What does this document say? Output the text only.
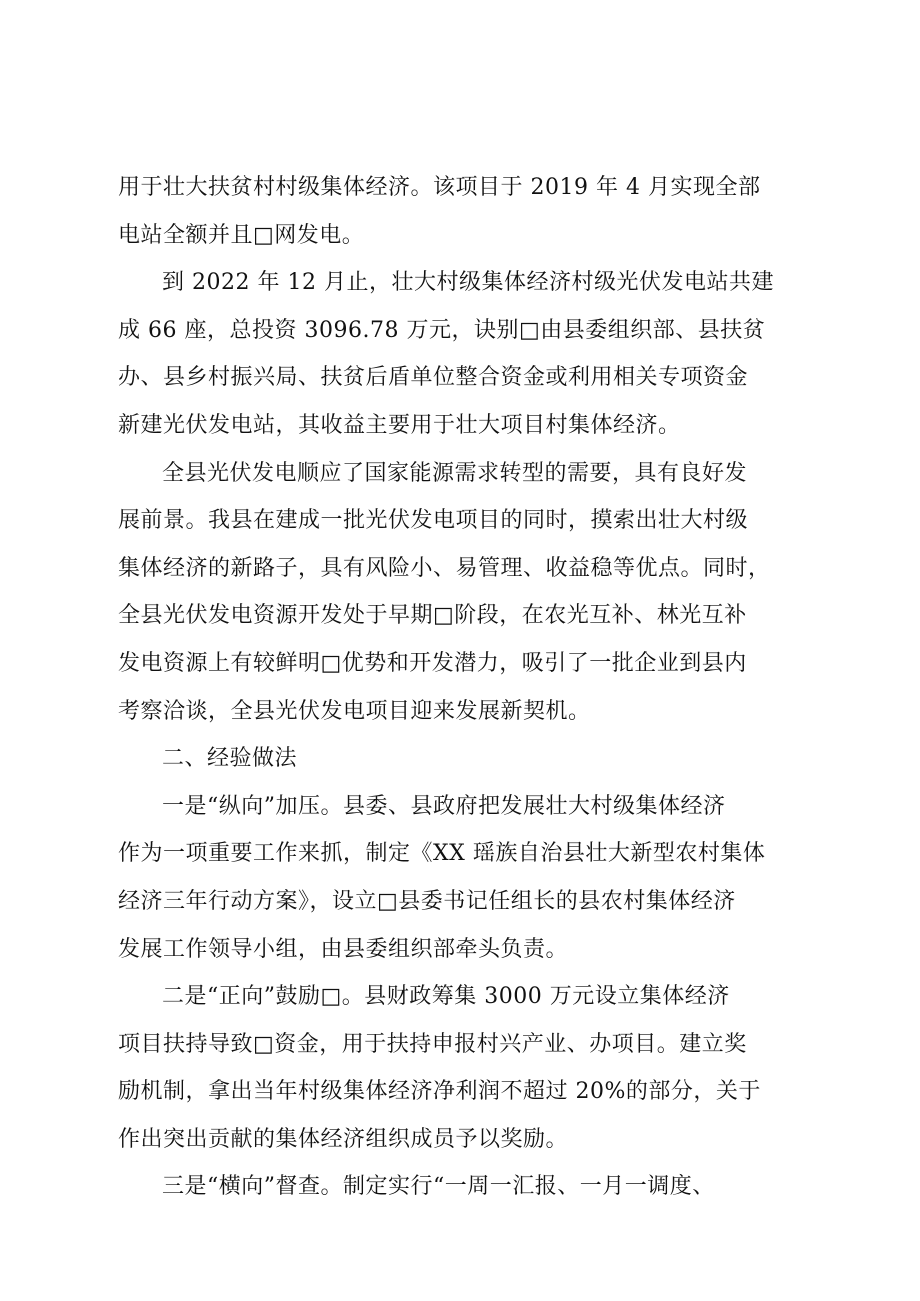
用于壮大扶贫村村级集体经济。该项目于 2019 年 4 月实现全部
电站全额并且□网发电。
到 2022 年 12 月止，壮大村级集体经济村级光伏发电站共建
成 66 座，总投资 3096.78 万元，诀别□由县委组织部、县扶贫
办、县乡村振兴局、扶贫后盾单位整合资金或利用相关专项资金
新建光伏发电站，其收益主要用于壮大项目村集体经济。
全县光伏发电顺应了国家能源需求转型的需要，具有良好发
展前景。我县在建成一批光伏发电项目的同时，摸索出壮大村级
集体经济的新路子，具有风险小、易管理、收益稳等优点。同时，
全县光伏发电资源开发处于早期□阶段，在农光互补、林光互补
发电资源上有较鲜明□优势和开发潜力，吸引了一批企业到县内
考察洽谈，全县光伏发电项目迎来发展新契机。
二、经验做法
一是“纵向”加压。县委、县政府把发展壮大村级集体经济
作为一项重要工作来抓，制定《XX 瑶族自治县壮大新型农村集体
经济三年行动方案》，设立□县委书记任组长的县农村集体经济
发展工作领导小组，由县委组织部牵头负责。
二是“正向”鼓励□。县财政筹集 3000 万元设立集体经济
项目扶持导致□资金，用于扶持申报村兴产业、办项目。建立奖
励机制，拿出当年村级集体经济净利润不超过 20%的部分，关于
作出突出贡献的集体经济组织成员予以奖励。
三是“横向”督查。制定实行“一周一汇报、一月一调度、
